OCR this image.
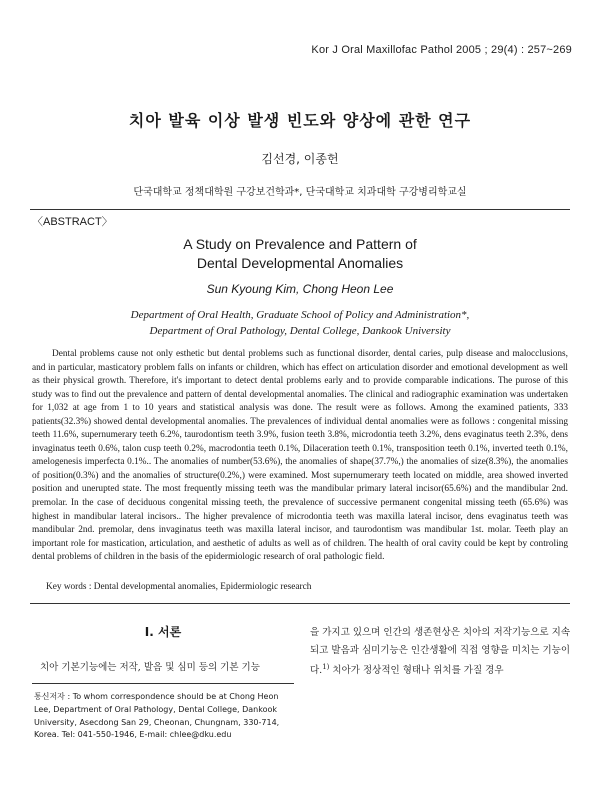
Kor J Oral Maxillofac Pathol 2005 ; 29(4) : 257~269
치아 발육 이상 발생 빈도와 양상에 관한 연구
김선경, 이종헌
단국대학교 정책대학원 구강보건학과*, 단국대학교 치과대학 구강병리학교실
〈ABSTRACT〉
A Study on Prevalence and Pattern of
Dental Developmental Anomalies
Sun Kyoung Kim, Chong Heon Lee
Department of Oral Health, Graduate School of Policy and Administration*,
Department of Oral Pathology, Dental College, Dankook University

Dental problems cause not only esthetic but dental problems such as functional disorder, dental caries, pulp disease and malocclusions, and in particular, masticatory problem falls on infants or children, which has effect on articulation disorder and emotional development as well as their physical growth. Therefore, it's important to detect dental problems early and to provide comparable indications. The purose of this study was to find out the prevalence and pattern of dental developmental anomalies. The clinical and radiographic examination was undertaken for 1,032 at age from 1 to 10 years and statistical analysis was done. The result were as follows. Among the examined patients, 333 patients(32.3%) showed dental developmental anomalies. The prevalences of individual dental anomalies were as follows : congenital missing teeth 11.6%, supernumerary teeth 6.2%, taurodontism teeth 3.9%, fusion teeth 3.8%, microdontia teeth 3.2%, dens evaginatus teeth 2.3%, dens invaginatus teeth 0.6%, talon cusp teeth 0.2%, macrodontia teeth 0.1%, Dilaceration teeth 0.1%, transposition teeth 0.1%, inverted teeth 0.1%, amelogenesis imperfecta 0.1%.. The anomalies of number(53.6%), the anomalies of shape(37.7%,) the anomalies of size(8.3%), the anomalies of position(0.3%) and the anomalies of structure(0.2%,) were examined. Most supernumerary teeth located on middle, area showed inverted position and unerupted state. The most frequently missing teeth was the mandibular primary lateral incisor(65.6%) and the mandibular 2nd. premolar. In the case of deciduous congenital missing teeth, the prevalence of successive permanent congenital missing teeth (65.6%) was highest in mandibular lateral incisors.. The higher prevalence of microdontia teeth was maxilla lateral incisor, dens evaginatus teeth was mandibular 2nd. premolar, dens invaginatus teeth was maxilla lateral incisor, and taurodontism was mandibular 1st. molar. Teeth play an important role for mastication, articulation, and aesthetic of adults as well as of children. The health of oral cavity could be kept by controling dental problems of children in the basis of the epidermiologic research of oral pathologic field.

Key words : Dental developmental anomalies, Epidermiologic research
Ⅰ. 서론

치아 기본기능에는 저작, 발음 및 심미 등의 기본 기능

을 가지고 있으며 인간의 생존현상은 치아의 저작기능으로 지속되고 발음과 심미기능은 인간생활에 직접 영향을 미치는 기능이다.$^{1)}$ 치아가 정상적인 형태나 위치를 가질 경우

통신저자 : To whom correspondence should be at Chong Heon Lee, Department of Oral Pathology, Dental College, Dankook University, Asecdong San 29, Cheonan, Chungnam, 330-714, Korea. Tel: 041-550-1946, E-mail: chlee@dku.edu
